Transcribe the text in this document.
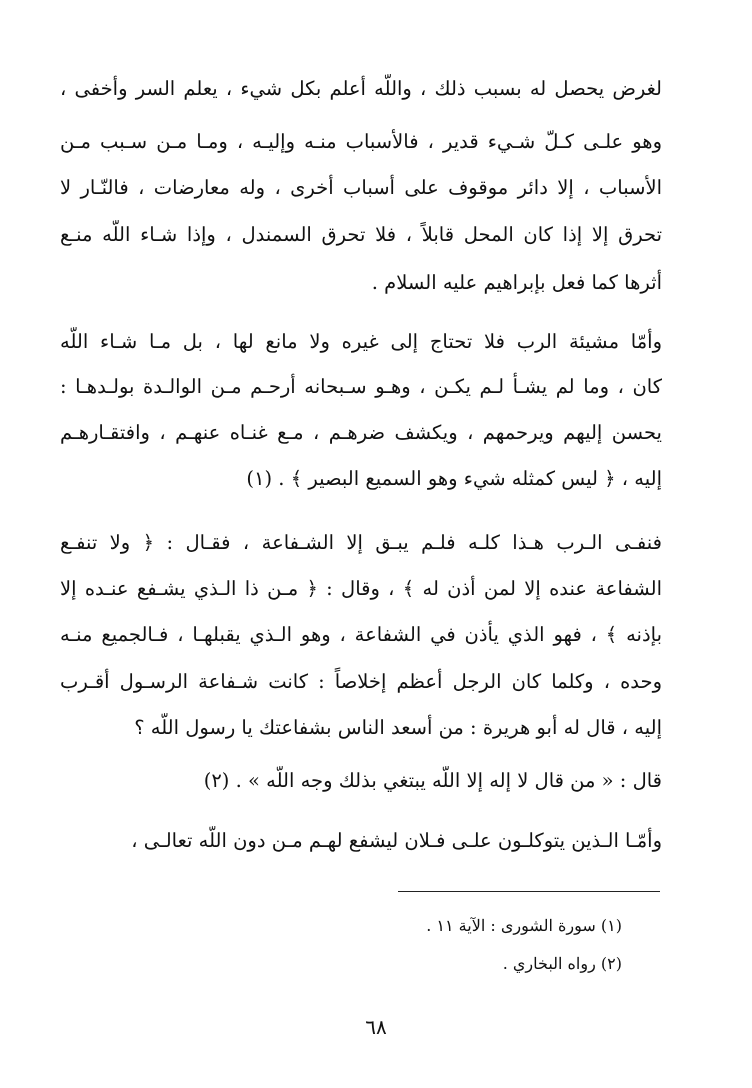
لغرض يحصل له بسبب ذلك ، واللّه أعلم بكل شيء ، يعلم السر وأخفى ،
وهو علـى كـلّ شـيء قدير ، فالأسباب منـه وإليـه ، ومـا مـن سـبب مـن
الأسباب ، إلا دائر موقوف على أسباب أخرى ، وله معارضات ، فالنّـار لا
تحرق إلا إذا كان المحل قابلاً ، فلا تحرق السمندل ، وإذا شـاء اللّه منـع
أثرها كما فعل بإبراهيم عليه السلام .
وأمّا مشيئة الرب فلا تحتاج إلى غيره ولا مانع لها ، بل مـا شـاء اللّه
كان ، وما لم يشـأ لـم يكـن ، وهـو سـبحانه أرحـم مـن الوالـدة بولـدهـا :
يحسن إليهم ويرحمهم ، ويكشف ضرهـم ، مـع غنـاه عنهـم ، وافتقـارهـم
إليه ، ﴿ ليس كمثله شيء وهو السميع البصير ﴾ . (١)
فنفـى الـرب هـذا كلـه فلـم يبـق إلا الشـفاعة ، فقـال : ﴿ ولا تنفـع
الشفاعة عنده إلا لمن أذن له ﴾ ، وقال : ﴿ مـن ذا الـذي يشـفع عنـده إلا
بإذنه ﴾ ، فهو الذي يأذن في الشفاعة ، وهو الـذي يقبلهـا ، فـالجميع منـه
وحده ، وكلما كان الرجل أعظم إخلاصاً : كانت شـفاعة الرسـول أقـرب
إليه ، قال له أبو هريرة : من أسعد الناس بشفاعتك يا رسول اللّه ؟
قال : « من قال لا إله إلا اللّه يبتغي بذلك وجه اللّه » . (٢)
وأمّـا الـذين يتوكلـون علـى فـلان ليشفع لهـم مـن دون اللّه تعالـى ،
(١) سورة الشورى : الآية ١١ .
(٢) رواه البخاري .
٦٨
